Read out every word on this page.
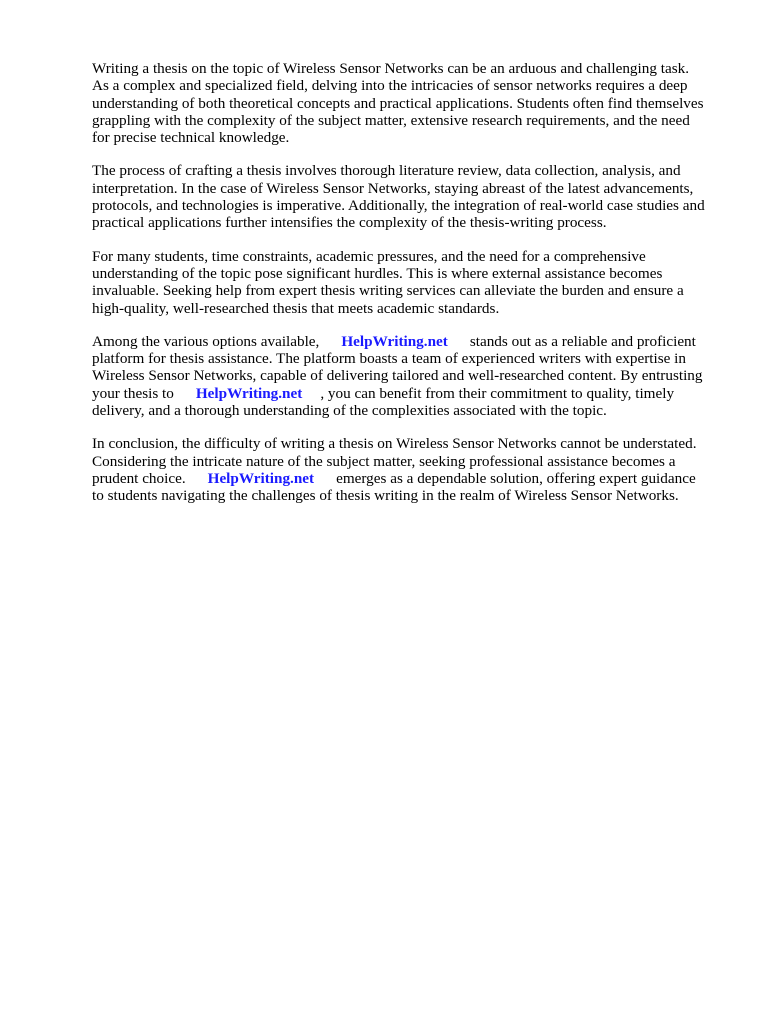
Writing a thesis on the topic of Wireless Sensor Networks can be an arduous and challenging task.
As a complex and specialized field, delving into the intricacies of sensor networks requires a deep
understanding of both theoretical concepts and practical applications. Students often find themselves
grappling with the complexity of the subject matter, extensive research requirements, and the need
for precise technical knowledge.

The process of crafting a thesis involves thorough literature review, data collection, analysis, and
interpretation. In the case of Wireless Sensor Networks, staying abreast of the latest advancements,
protocols, and technologies is imperative. Additionally, the integration of real-world case studies and
practical applications further intensifies the complexity of the thesis-writing process.

For many students, time constraints, academic pressures, and the need for a comprehensive
understanding of the topic pose significant hurdles. This is where external assistance becomes
invaluable. Seeking help from expert thesis writing services can alleviate the burden and ensure a
high-quality, well-researched thesis that meets academic standards.

Among the various options available, HelpWriting.net stands out as a reliable and proficient
platform for thesis assistance. The platform boasts a team of experienced writers with expertise in
Wireless Sensor Networks, capable of delivering tailored and well-researched content. By entrusting
your thesis to HelpWriting.net , you can benefit from their commitment to quality, timely
delivery, and a thorough understanding of the complexities associated with the topic.

In conclusion, the difficulty of writing a thesis on Wireless Sensor Networks cannot be understated.
Considering the intricate nature of the subject matter, seeking professional assistance becomes a
prudent choice. HelpWriting.net emerges as a dependable solution, offering expert guidance
to students navigating the challenges of thesis writing in the realm of Wireless Sensor Networks.
